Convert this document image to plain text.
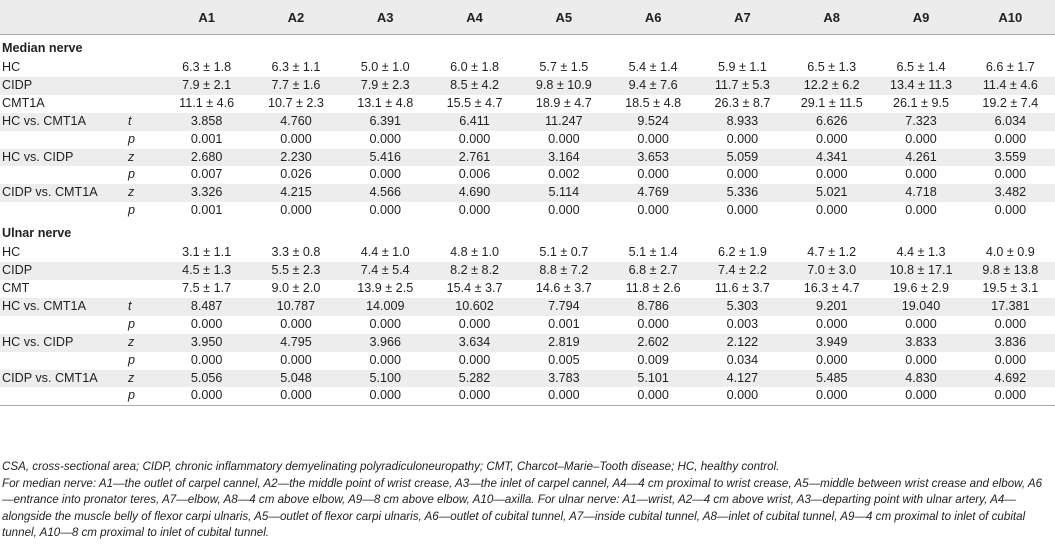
		A1	A2	A3	A4	A5	A6	A7	A8	A9	A10
Median nerve											
HC		6.3 ± 1.8	6.3 ± 1.1	5.0 ± 1.0	6.0 ± 1.8	5.7 ± 1.5	5.4 ± 1.4	5.9 ± 1.1	6.5 ± 1.3	6.5 ± 1.4	6.6 ± 1.7
CIDP		7.9 ± 2.1	7.7 ± 1.6	7.9 ± 2.3	8.5 ± 4.2	9.8 ± 10.9	9.4 ± 7.6	11.7 ± 5.3	12.2 ± 6.2	13.4 ± 11.3	11.4 ± 4.6
CMT1A		11.1 ± 4.6	10.7 ± 2.3	13.1 ± 4.8	15.5 ± 4.7	18.9 ± 4.7	18.5 ± 4.8	26.3 ± 8.7	29.1 ± 11.5	26.1 ± 9.5	19.2 ± 7.4
HC vs. CMT1A	t	3.858	4.760	6.391	6.411	11.247	9.524	8.933	6.626	7.323	6.034
	p	0.001	0.000	0.000	0.000	0.000	0.000	0.000	0.000	0.000	0.000
HC vs. CIDP	z	2.680	2.230	5.416	2.761	3.164	3.653	5.059	4.341	4.261	3.559
	p	0.007	0.026	0.000	0.006	0.002	0.000	0.000	0.000	0.000	0.000
CIDP vs. CMT1A	z	3.326	4.215	4.566	4.690	5.114	4.769	5.336	5.021	4.718	3.482
	p	0.001	0.000	0.000	0.000	0.000	0.000	0.000	0.000	0.000	0.000
Ulnar nerve											
HC		3.1 ± 1.1	3.3 ± 0.8	4.4 ± 1.0	4.8 ± 1.0	5.1 ± 0.7	5.1 ± 1.4	6.2 ± 1.9	4.7 ± 1.2	4.4 ± 1.3	4.0 ± 0.9
CIDP		4.5 ± 1.3	5.5 ± 2.3	7.4 ± 5.4	8.2 ± 8.2	8.8 ± 7.2	6.8 ± 2.7	7.4 ± 2.2	7.0 ± 3.0	10.8 ± 17.1	9.8 ± 13.8
CMT		7.5 ± 1.7	9.0 ± 2.0	13.9 ± 2.5	15.4 ± 3.7	14.6 ± 3.7	11.8 ± 2.6	11.6 ± 3.7	16.3 ± 4.7	19.6 ± 2.9	19.5 ± 3.1
HC vs. CMT1A	t	8.487	10.787	14.009	10.602	7.794	8.786	5.303	9.201	19.040	17.381
	p	0.000	0.000	0.000	0.000	0.001	0.000	0.003	0.000	0.000	0.000
HC vs. CIDP	z	3.950	4.795	3.966	3.634	2.819	2.602	2.122	3.949	3.833	3.836
	p	0.000	0.000	0.000	0.000	0.005	0.009	0.034	0.000	0.000	0.000
CIDP vs. CMT1A	z	5.056	5.048	5.100	5.282	3.783	5.101	4.127	5.485	4.830	4.692
	p	0.000	0.000	0.000	0.000	0.000	0.000	0.000	0.000	0.000	0.000

CSA, cross-sectional area; CIDP, chronic inflammatory demyelinating polyradiculoneuropathy; CMT, Charcot–Marie–Tooth disease; HC, healthy control.

For median nerve: A1—the outlet of carpel cannel, A2—the middle point of wrist crease, A3—the inlet of carpel cannel, A4—4 cm proximal to wrist crease, A5—middle between wrist crease and elbow, A6—entrance into pronator teres, A7—elbow, A8—4 cm above elbow, A9—8 cm above elbow, A10—axilla. For ulnar nerve: A1—wrist, A2—4 cm above wrist, A3—departing point with ulnar artery, A4—alongside the muscle belly of flexor carpi ulnaris, A5—outlet of flexor carpi ulnaris, A6—outlet of cubital tunnel, A7—inside cubital tunnel, A8—inlet of cubital tunnel, A9—4 cm proximal to inlet of cubital tunnel, A10—8 cm proximal to inlet of cubital tunnel.
